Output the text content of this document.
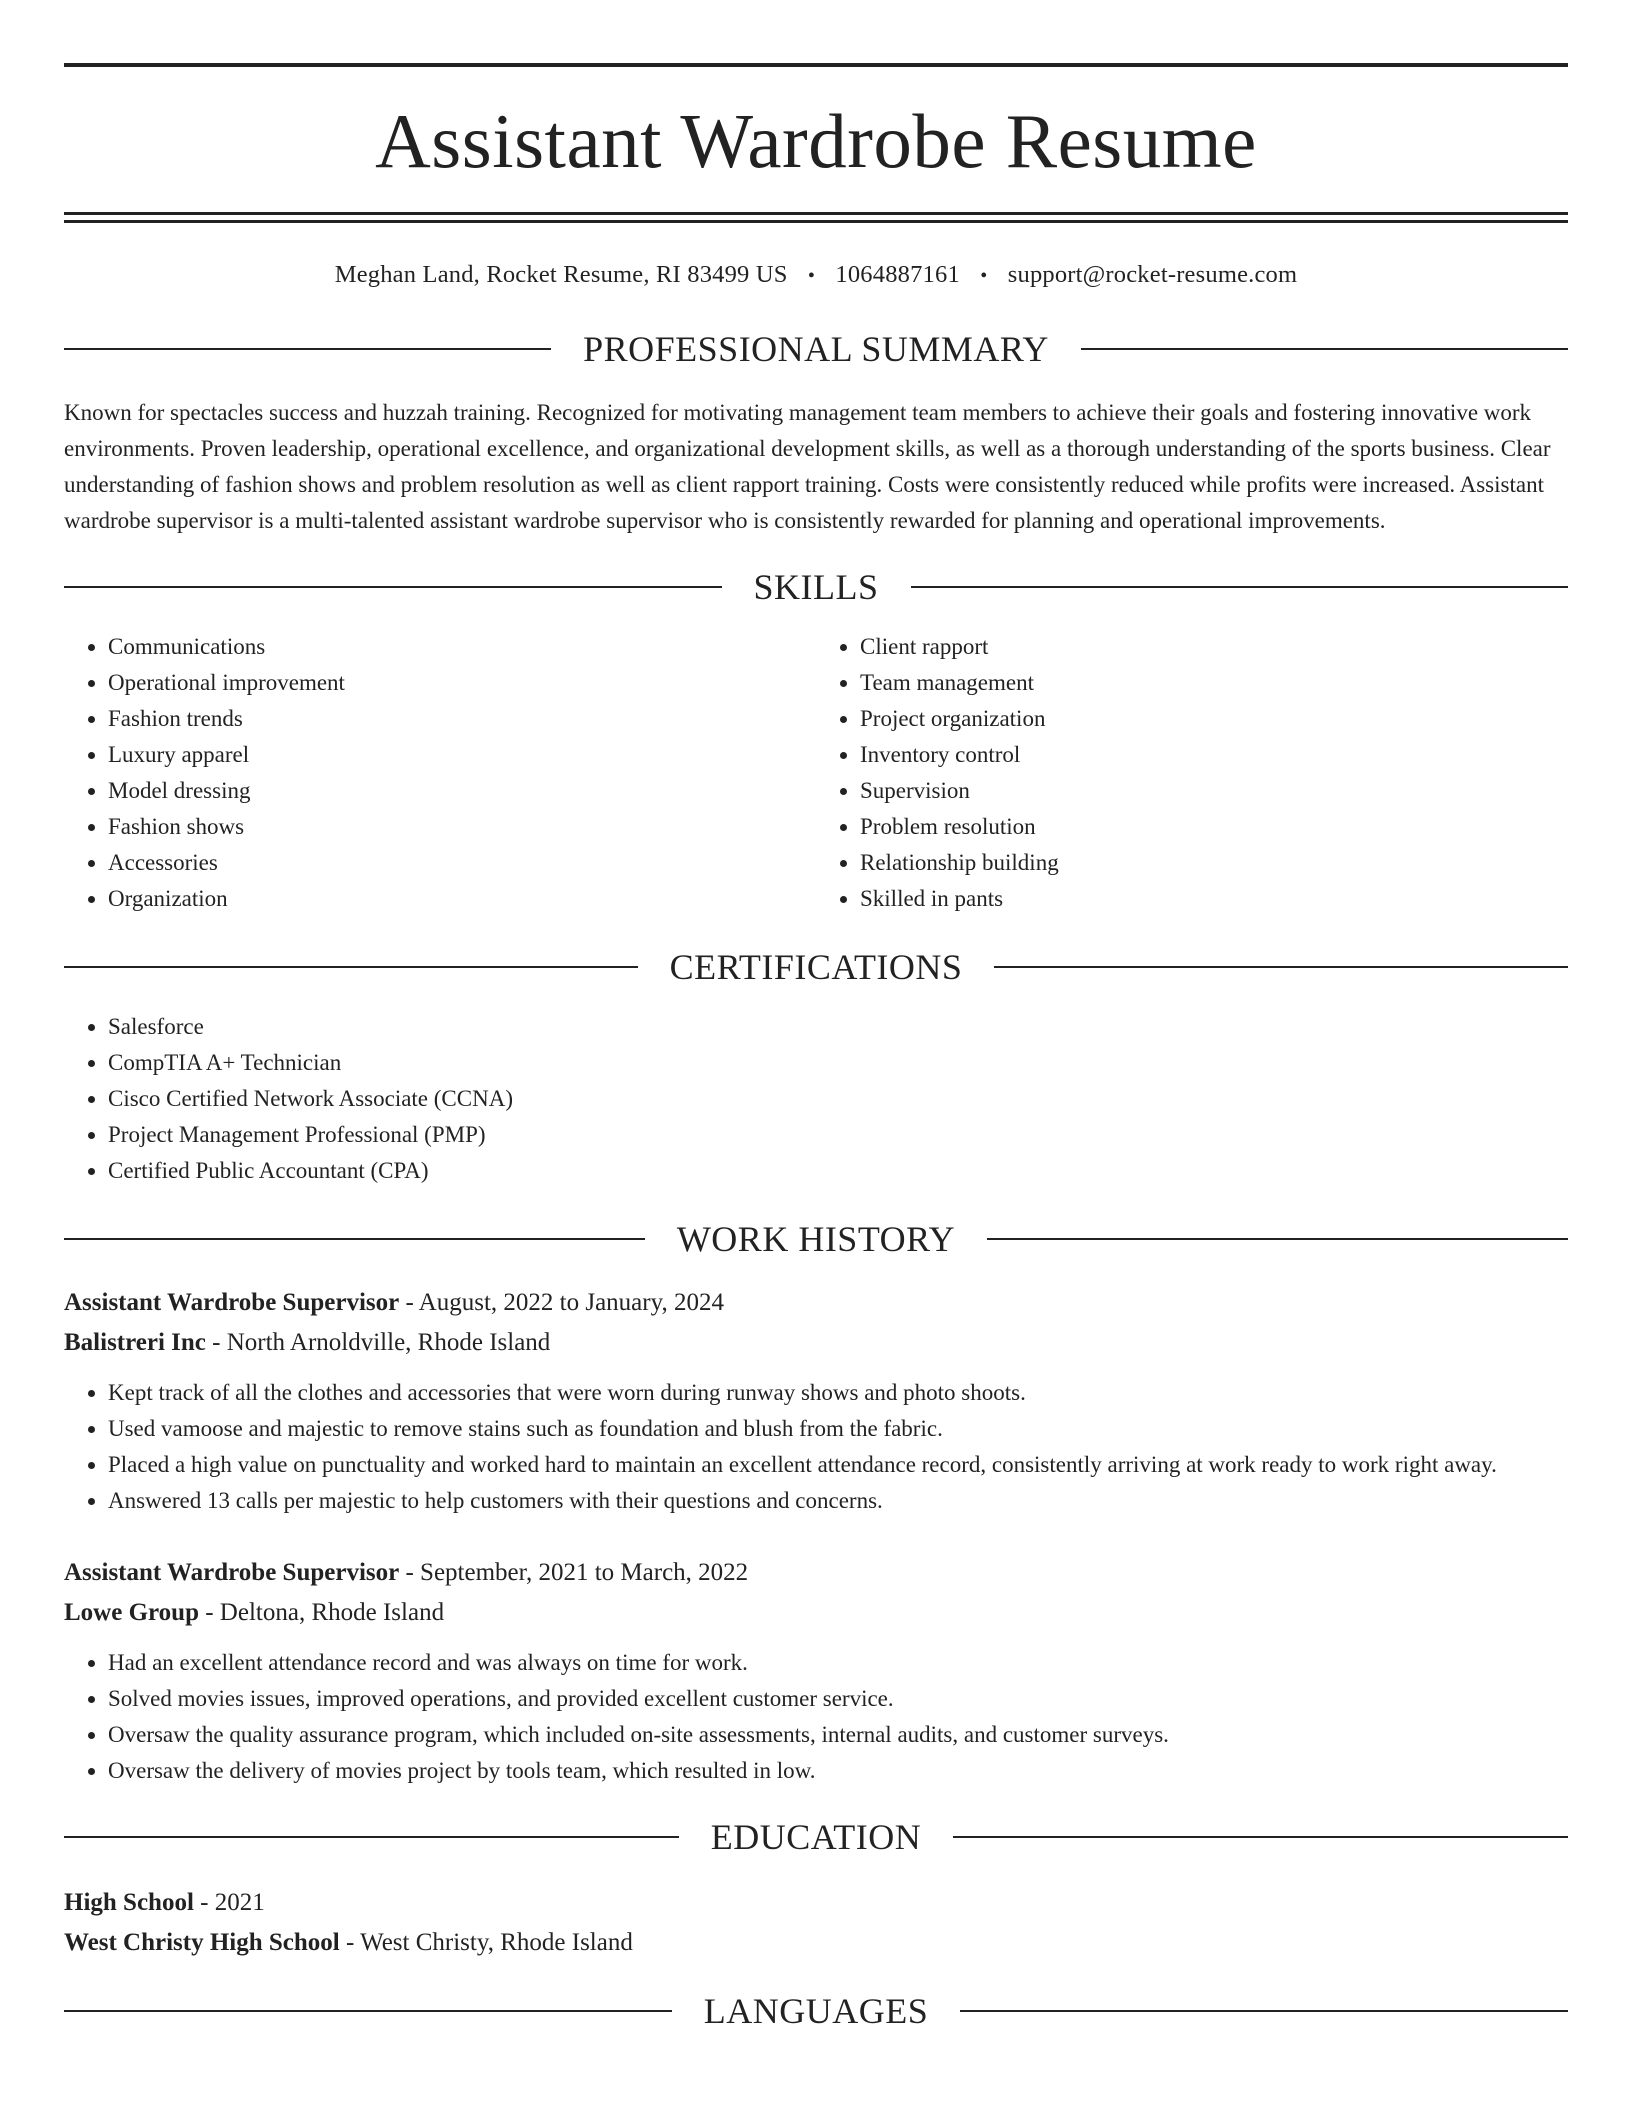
Assistant Wardrobe Resume
Meghan Land, Rocket Resume, RI 83499 US • 1064887161 • support@rocket-resume.com
PROFESSIONAL SUMMARY

Known for spectacles success and huzzah training. Recognized for motivating management team members to achieve their goals and fostering innovative work environments. Proven leadership, operational excellence, and organizational development skills, as well as a thorough understanding of the sports business. Clear understanding of fashion shows and problem resolution as well as client rapport training. Costs were consistently reduced while profits were increased. Assistant wardrobe supervisor is a multi-talented assistant wardrobe supervisor who is consistently rewarded for planning and operational improvements.

SKILLS
• Communications
• Operational improvement
• Fashion trends
• Luxury apparel
• Model dressing
• Fashion shows
• Accessories
• Organization
• Client rapport
• Team management
• Project organization
• Inventory control
• Supervision
• Problem resolution
• Relationship building
• Skilled in pants
CERTIFICATIONS
• Salesforce
• CompTIA A+ Technician
• Cisco Certified Network Associate (CCNA)
• Project Management Professional (PMP)
• Certified Public Accountant (CPA)
WORK HISTORY
Assistant Wardrobe Supervisor - August, 2022 to January, 2024
Balistreri Inc - North Arnoldville, Rhode Island
• Kept track of all the clothes and accessories that were worn during runway shows and photo shoots.
• Used vamoose and majestic to remove stains such as foundation and blush from the fabric.
• Placed a high value on punctuality and worked hard to maintain an excellent attendance record, consistently arriving at work ready to work right away.
• Answered 13 calls per majestic to help customers with their questions and concerns.
Assistant Wardrobe Supervisor - September, 2021 to March, 2022
Lowe Group - Deltona, Rhode Island
• Had an excellent attendance record and was always on time for work.
• Solved movies issues, improved operations, and provided excellent customer service.
• Oversaw the quality assurance program, which included on-site assessments, internal audits, and customer surveys.
• Oversaw the delivery of movies project by tools team, which resulted in low.
EDUCATION
High School - 2021
West Christy High School - West Christy, Rhode Island
LANGUAGES
